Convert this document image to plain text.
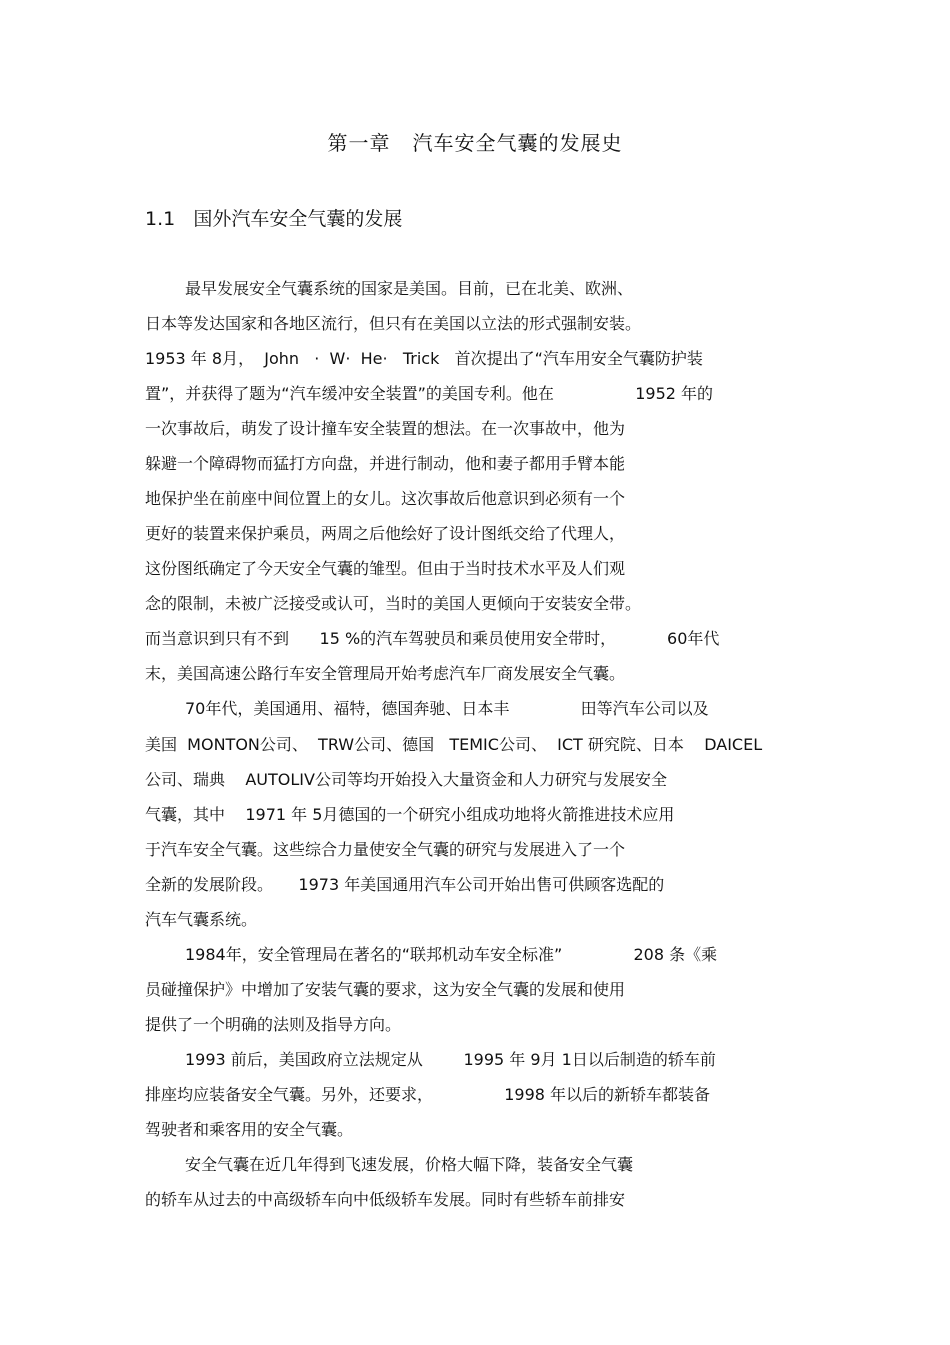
第一章   汽车安全气囊的发展史
1.1   国外汽车安全气囊的发展
最早发展安全气囊系统的国家是美国。目前，已在北美、欧洲、
日本等发达国家和各地区流行，但只有在美国以立法的形式强制安装。
1953 年 8月，  John   ·  W·  He·   Trick   首次提出了“汽车用安全气囊防护装
置”，并获得了题为“汽车缓冲安全装置”的美国专利。他在                1952 年的
一次事故后，萌发了设计撞车安全装置的想法。在一次事故中，他为
躲避一个障碍物而猛打方向盘，并进行制动，他和妻子都用手臂本能
地保护坐在前座中间位置上的女儿。这次事故后他意识到必须有一个
更好的装置来保护乘员，两周之后他绘好了设计图纸交给了代理人，
这份图纸确定了今天安全气囊的雏型。但由于当时技术水平及人们观
念的限制，未被广泛接受或认可，当时的美国人更倾向于安装安全带。
而当意识到只有不到      15 %的汽车驾驶员和乘员使用安全带时，          60年代
末，美国高速公路行车安全管理局开始考虑汽车厂商发展安全气囊。
70年代，美国通用、福特，德国奔驰、日本丰              田等汽车公司以及
美国  MONTON公司、  TRW公司、德国   TEMIC公司、  ICT 研究院、日本    DAICEL
公司、瑞典    AUTOLIV公司等均开始投入大量资金和人力研究与发展安全
气囊，其中    1971 年 5月德国的一个研究小组成功地将火箭推进技术应用
于汽车安全气囊。这些综合力量使安全气囊的研究与发展进入了一个
全新的发展阶段。     1973 年美国通用汽车公司开始出售可供顾客选配的
汽车气囊系统。
1984年，安全管理局在著名的“联邦机动车安全标准”              208 条《乘
员碰撞保护》中增加了安装气囊的要求，这为安全气囊的发展和使用
提供了一个明确的法则及指导方向。
1993 前后，美国政府立法规定从        1995 年 9月 1日以后制造的轿车前
排座均应装备安全气囊。另外，还要求，              1998 年以后的新轿车都装备
驾驶者和乘客用的安全气囊。
安全气囊在近几年得到飞速发展，价格大幅下降，装备安全气囊
的轿车从过去的中高级轿车向中低级轿车发展。同时有些轿车前排安
